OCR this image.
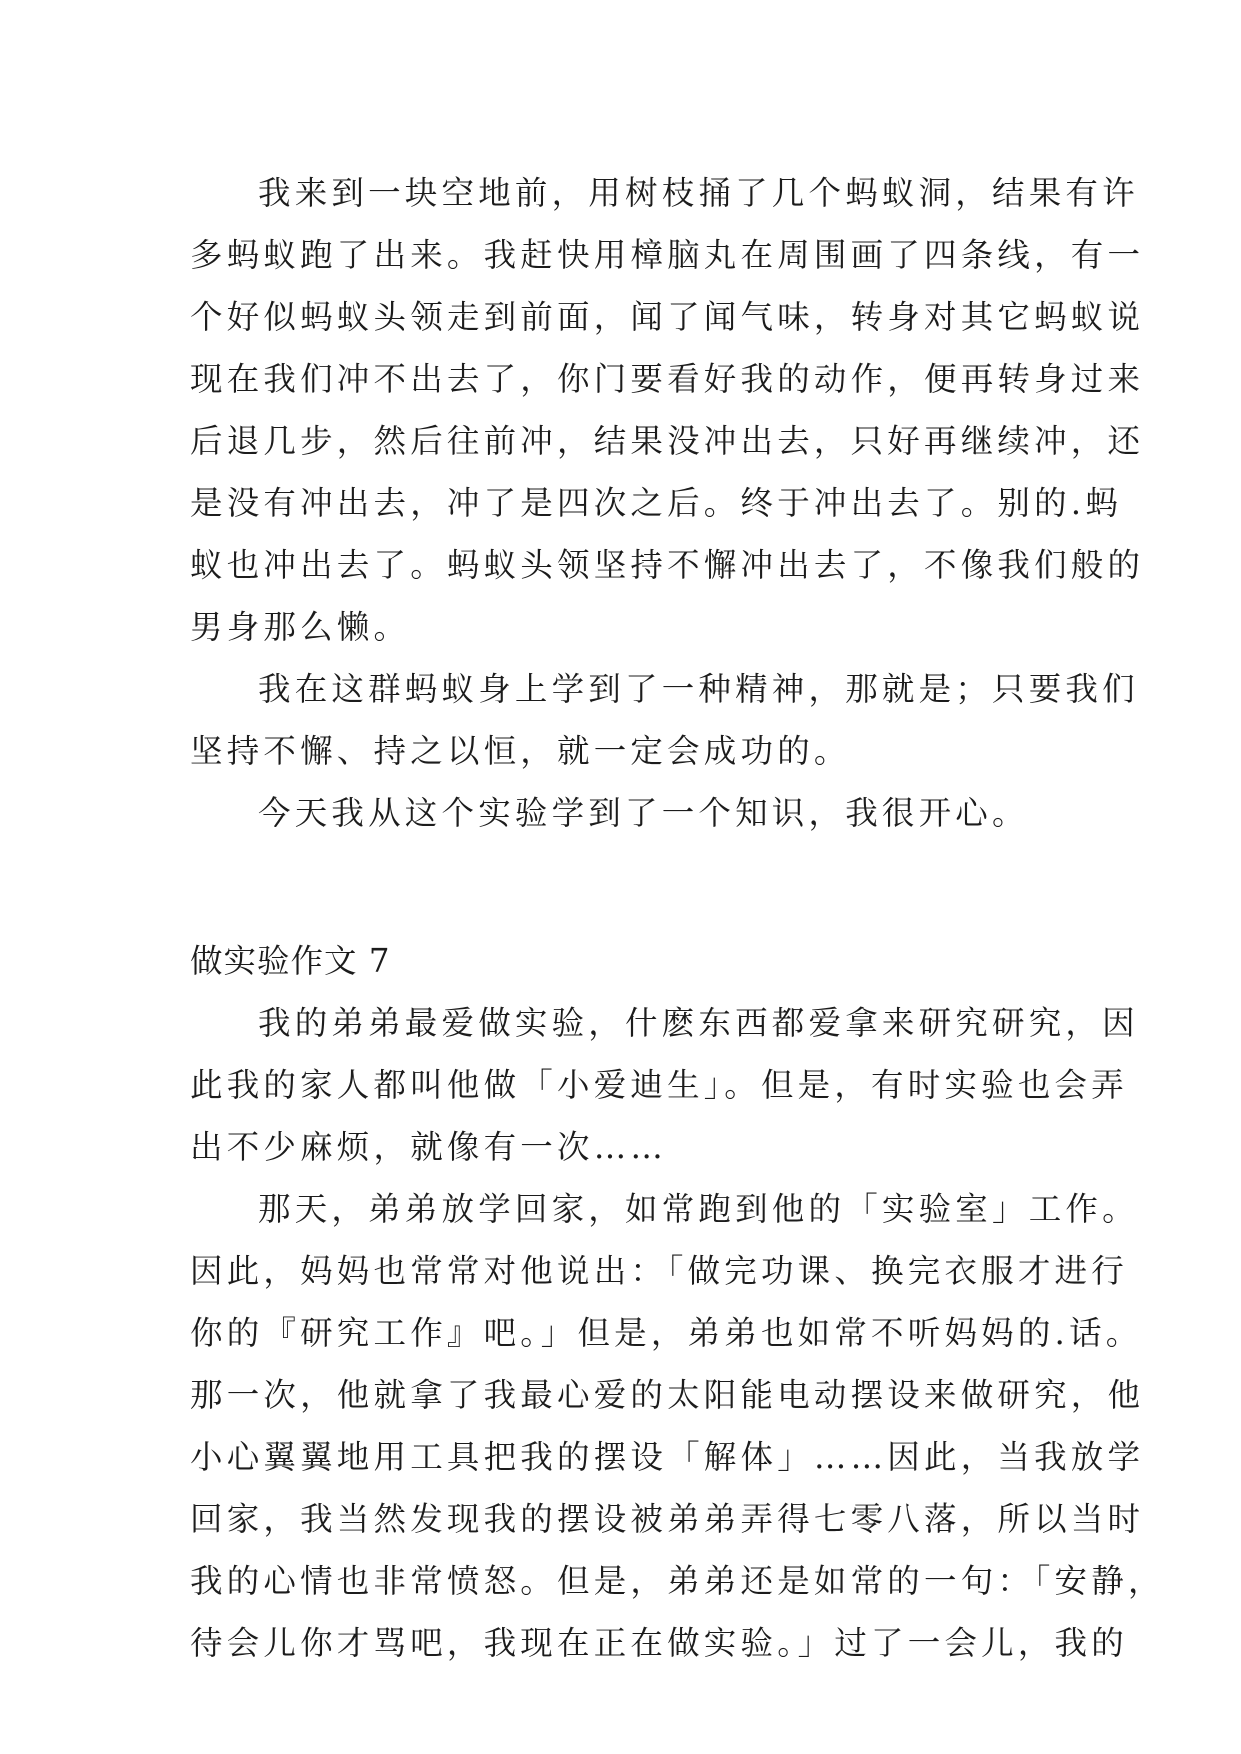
我来到一块空地前，用树枝捅了几个蚂蚁洞，结果有许
多蚂蚁跑了出来。我赶快用樟脑丸在周围画了四条线，有一
个好似蚂蚁头领走到前面，闻了闻气味，转身对其它蚂蚁说
现在我们冲不出去了，你门要看好我的动作，便再转身过来
后退几步，然后往前冲，结果没冲出去，只好再继续冲，还
是没有冲出去，冲了是四次之后。终于冲出去了。别的.蚂
蚁也冲出去了。蚂蚁头领坚持不懈冲出去了，不像我们般的
男身那么懒。
我在这群蚂蚁身上学到了一种精神，那就是；只要我们
坚持不懈、持之以恒，就一定会成功的。
今天我从这个实验学到了一个知识，我很开心。
做实验作文 7
我的弟弟最爱做实验，什麽东西都爱拿来研究研究，因
此我的家人都叫他做「小爱迪生」。但是，有时实验也会弄
出不少麻烦，就像有一次……
那天，弟弟放学回家，如常跑到他的「实验室」工作。
因此，妈妈也常常对他说出：「做完功课、换完衣服才进行
你的『研究工作』吧。」但是，弟弟也如常不听妈妈的.话。
那一次，他就拿了我最心爱的太阳能电动摆设来做研究，他
小心翼翼地用工具把我的摆设「解体」……因此，当我放学
回家，我当然发现我的摆设被弟弟弄得七零八落，所以当时
我的心情也非常愤怒。但是，弟弟还是如常的一句：「安静，
待会儿你才骂吧，我现在正在做实验。」过了一会儿，我的
